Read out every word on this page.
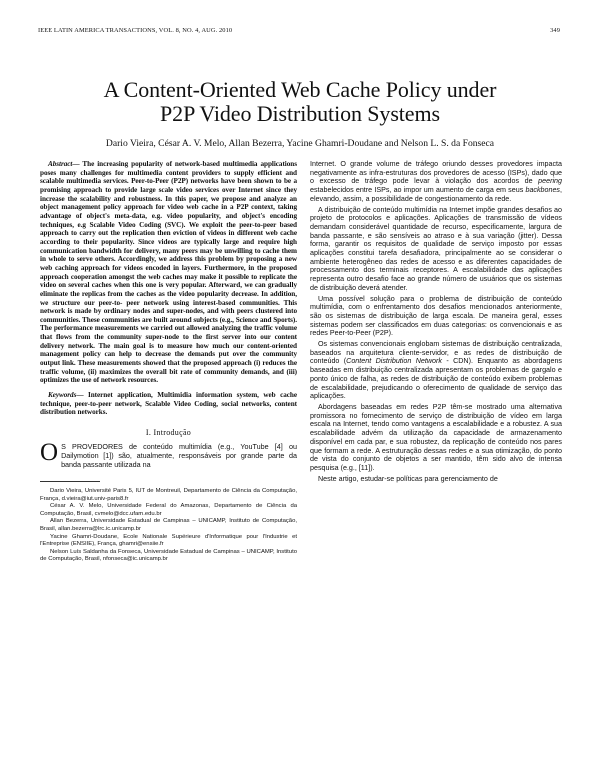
IEEE LATIN AMERICA TRANSACTIONS, VOL. 8, NO. 4, AUG. 2010	349
A Content-Oriented Web Cache Policy under
P2P Video Distribution Systems
Dario Vieira, César A. V. Melo, Allan Bezerra, Yacine Ghamri-Doudane and Nelson L. S. da Fonseca

Abstract— The increasing popularity of network-based multimedia applications poses many challenges for multimedia content providers to supply efficient and scalable multimedia services. Peer-to-Peer (P2P) networks have been shown to be a promising approach to provide large scale video services over Internet since they increase the scalability and robustness. In this paper, we propose and analyze an object management policy approach for video web cache in a P2P context, taking advantage of object's meta-data, e.g. video popularity, and object's encoding techniques, e.g Scalable Video Coding (SVC). We exploit the peer-to-peer based approach to carry out the replication then eviction of videos in different web cache according to their popularity. Since videos are typically large and require high communication bandwidth for delivery, many peers may be unwilling to cache them in whole to serve others. Accordingly, we address this problem by proposing a new web caching approach for videos encoded in layers. Furthermore, in the proposed approach cooperation amongst the web caches may make it possible to replicate the video on several caches when this one is very popular. Afterward, we can gradually eliminate the replicas from the caches as the video popularity decrease. In addition, we structure our peer-to- peer network using interest-based communities. This network is made by ordinary nodes and super-nodes, and with peers clustered into communities. These communities are built around subjects (e.g., Science and Sports). The performance measurements we carried out allowed analyzing the traffic volume that flows from the community super-node to the first server into our content delivery network. The main goal is to measure how much our content-oriented management policy can help to decrease the demands put over the community output link. These measurements showed that the proposed approach (i) reduces the traffic volume, (ii) maximizes the overall bit rate of community demands, and (iii) optimizes the use of network resources.

Keywords— Internet application, Multimidia information system, web cache technique, peer-to-peer network, Scalable Video Coding, social networks, content distribution networks.

I. Introdução

O S PROVEDORES de conteúdo multimídia (e.g., YouTube [4] ou Dailymotion [1]) são, atualmente, responsáveis por grande parte da banda passante utilizada na

Dario Vieira, Université Paris 5, IUT de Montreuil, Departamento de Ciência da Computação, França, d.vieira@iut.univ-paris8.fr

César A. V. Melo, Universidade Federal do Amazonas, Departamento de Ciência da Computação, Brasil, cvmelo@dcc.ufam.edu.br

Allan Bezerra, Universidade Estadual de Campinas – UNICAMP, Instituto de Computação, Brasil, allan.bezerra@lrc.ic.unicamp.br

Yacine Ghamri-Doudane, Ecole Nationale Supérieure d'Informatique pour l'Industrie et l'Entreprise (ENSIIE), França, ghamri@ensiie.fr

Nelson Luís Saldanha da Fonseca, Universidade Estadual de Campinas – UNICAMP, Instituto de Computação, Brasil, nfonseca@ic.unicamp.br

Internet. O grande volume de tráfego oriundo desses provedores impacta negativamente as infra-estruturas dos provedores de acesso (ISPs), dado que o excesso de tráfego pode levar à violação dos acordos de peering estabelecidos entre ISPs, ao impor um aumento de carga em seus backbones, elevando, assim, a possibilidade de congestionamento da rede.

A distribuição de conteúdo multimídia na Internet impõe grandes desafios ao projeto de protocolos e aplicações. Aplicações de transmissão de vídeos demandam considerável quantidade de recurso, especificamente, largura de banda passante, e são sensíveis ao atraso e à sua variação (jitter). Dessa forma, garantir os requisitos de qualidade de serviço imposto por essas aplicações constitui tarefa desafiadora, principalmente ao se considerar o ambiente heterogêneo das redes de acesso e as diferentes capacidades de processamento dos terminais receptores. A escalabilidade das aplicações representa outro desafio face ao grande número de usuários que os sistemas de distribuição deverá atender.

Uma possível solução para o problema de distribuição de conteúdo multimídia, com o enfrentamento dos desafios mencionados anteriormente, são os sistemas de distribuição de larga escala. De maneira geral, esses sistemas podem ser classificados em duas categorias: os convencionais e as redes Peer-to-Peer (P2P).

Os sistemas convencionais englobam sistemas de distribuição centralizada, baseados na arquitetura cliente-servidor, e as redes de distribuição de conteúdo (Content Distribution Network - CDN). Enquanto as abordagens baseadas em distribuição centralizada apresentam os problemas de gargalo e ponto único de falha, as redes de distribuição de conteúdo exibem problemas de escalabilidade, prejudicando o oferecimento de qualidade de serviço das aplicações.

Abordagens baseadas em redes P2P têm-se mostrado uma alternativa promissora no fornecimento de serviço de distribuição de vídeo em larga escala na Internet, tendo como vantagens a escalabilidade e a robustez. A sua escalabilidade advém da utilização da capacidade de armazenamento disponível em cada par, e sua robustez, da replicação de conteúdo nos pares que formam a rede. A estruturação dessas redes e a sua otimização, do ponto de vista do conjunto de objetos a ser mantido, têm sido alvo de intensa pesquisa (e.g., [11]).

Neste artigo, estudar-se políticas para gerenciamento de
